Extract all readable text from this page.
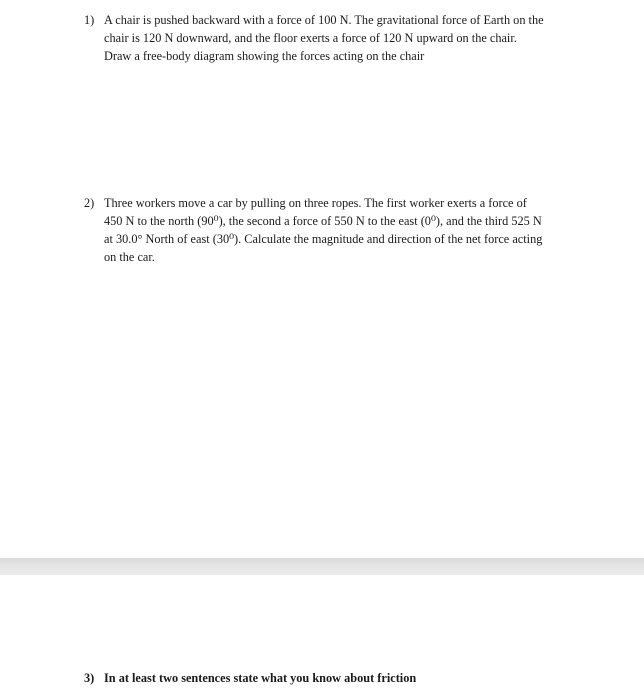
1) A chair is pushed backward with a force of 100 N. The gravitational force of Earth on the
chair is 120 N downward, and the floor exerts a force of 120 N upward on the chair.
Draw a free-body diagram showing the forces acting on the chair
2) Three workers move a car by pulling on three ropes. The first worker exerts a force of
450 N to the north (90⁰), the second a force of 550 N to the east (0⁰), and the third 525 N
at 30.0° North of east (30⁰). Calculate the magnitude and direction of the net force acting
on the car.
3) In at least two sentences state what you know about friction
